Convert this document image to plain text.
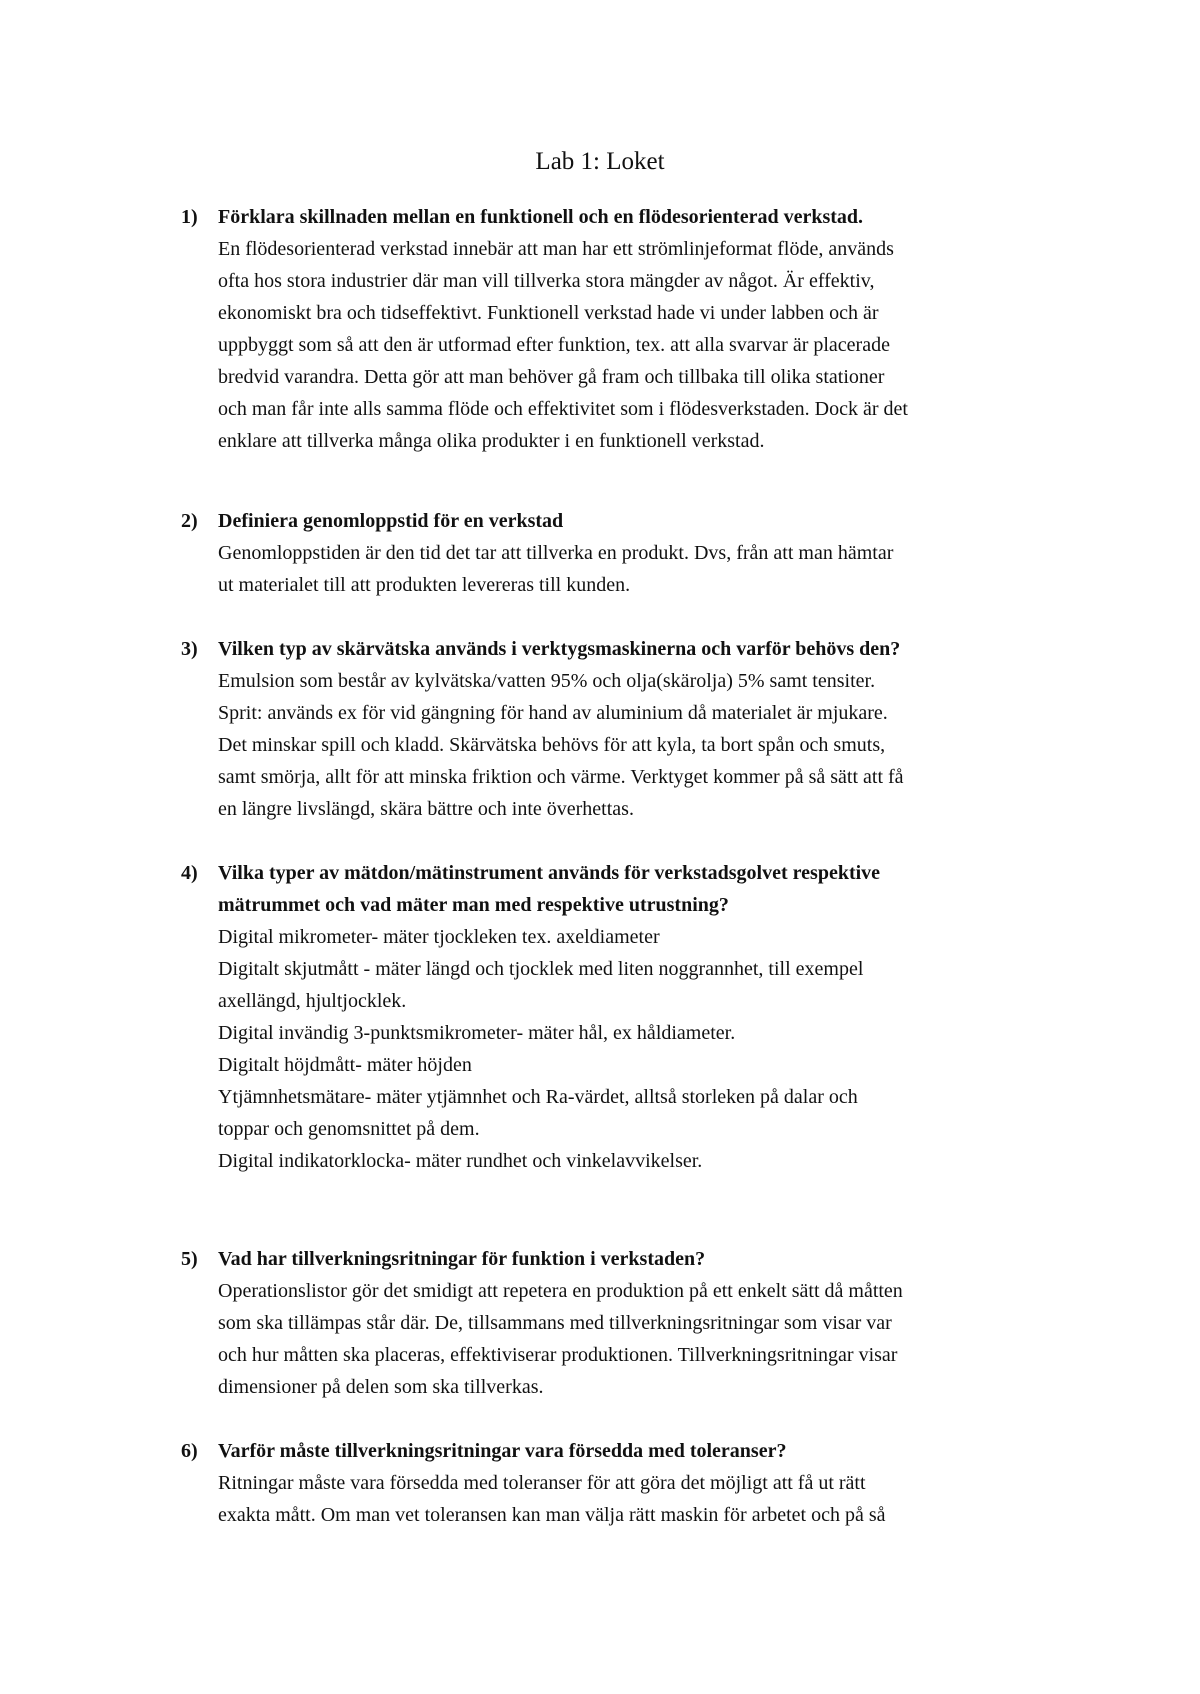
Lab 1: Loket
1) Förklara skillnaden mellan en funktionell och en flödesorienterad verkstad.
En flödesorienterad verkstad innebär att man har ett strömlinjeformat flöde, används
ofta hos stora industrier där man vill tillverka stora mängder av något. Är effektiv,
ekonomiskt bra och tidseffektivt. Funktionell verkstad hade vi under labben och är
uppbyggt som så att den är utformad efter funktion, tex. att alla svarvar är placerade
bredvid varandra. Detta gör att man behöver gå fram och tillbaka till olika stationer
och man får inte alls samma flöde och effektivitet som i flödesverkstaden. Dock är det
enklare att tillverka många olika produkter i en funktionell verkstad.
2) Definiera genomloppstid för en verkstad
Genomloppstiden är den tid det tar att tillverka en produkt. Dvs, från att man hämtar
ut materialet till att produkten levereras till kunden.
3) Vilken typ av skärvätska används i verktygsmaskinerna och varför behövs den?
Emulsion som består av kylvätska/vatten 95% och olja(skärolja) 5% samt tensiter.
Sprit: används ex för vid gängning för hand av aluminium då materialet är mjukare.
Det minskar spill och kladd. Skärvätska behövs för att kyla, ta bort spån och smuts,
samt smörja, allt för att minska friktion och värme. Verktyget kommer på så sätt att få
en längre livslängd, skära bättre och inte överhettas.
4) Vilka typer av mätdon/mätinstrument används för verkstadsgolvet respektive
mätrummet och vad mäter man med respektive utrustning?
Digital mikrometer- mäter tjockleken tex. axeldiameter
Digitalt skjutmått - mäter längd och tjocklek med liten noggrannhet, till exempel
axellängd, hjultjocklek.
Digital invändig 3-punktsmikrometer- mäter hål, ex håldiameter.
Digitalt höjdmått- mäter höjden
Ytjämnhetsmätare- mäter ytjämnhet och Ra-värdet, alltså storleken på dalar och
toppar och genomsnittet på dem.
Digital indikatorklocka- mäter rundhet och vinkelavvikelser.
5) Vad har tillverkningsritningar för funktion i verkstaden?
Operationslistor gör det smidigt att repetera en produktion på ett enkelt sätt då måtten
som ska tillämpas står där. De, tillsammans med tillverkningsritningar som visar var
och hur måtten ska placeras, effektiviserar produktionen. Tillverkningsritningar visar
dimensioner på delen som ska tillverkas.
6) Varför måste tillverkningsritningar vara försedda med toleranser?
Ritningar måste vara försedda med toleranser för att göra det möjligt att få ut rätt
exakta mått. Om man vet toleransen kan man välja rätt maskin för arbetet och på så
